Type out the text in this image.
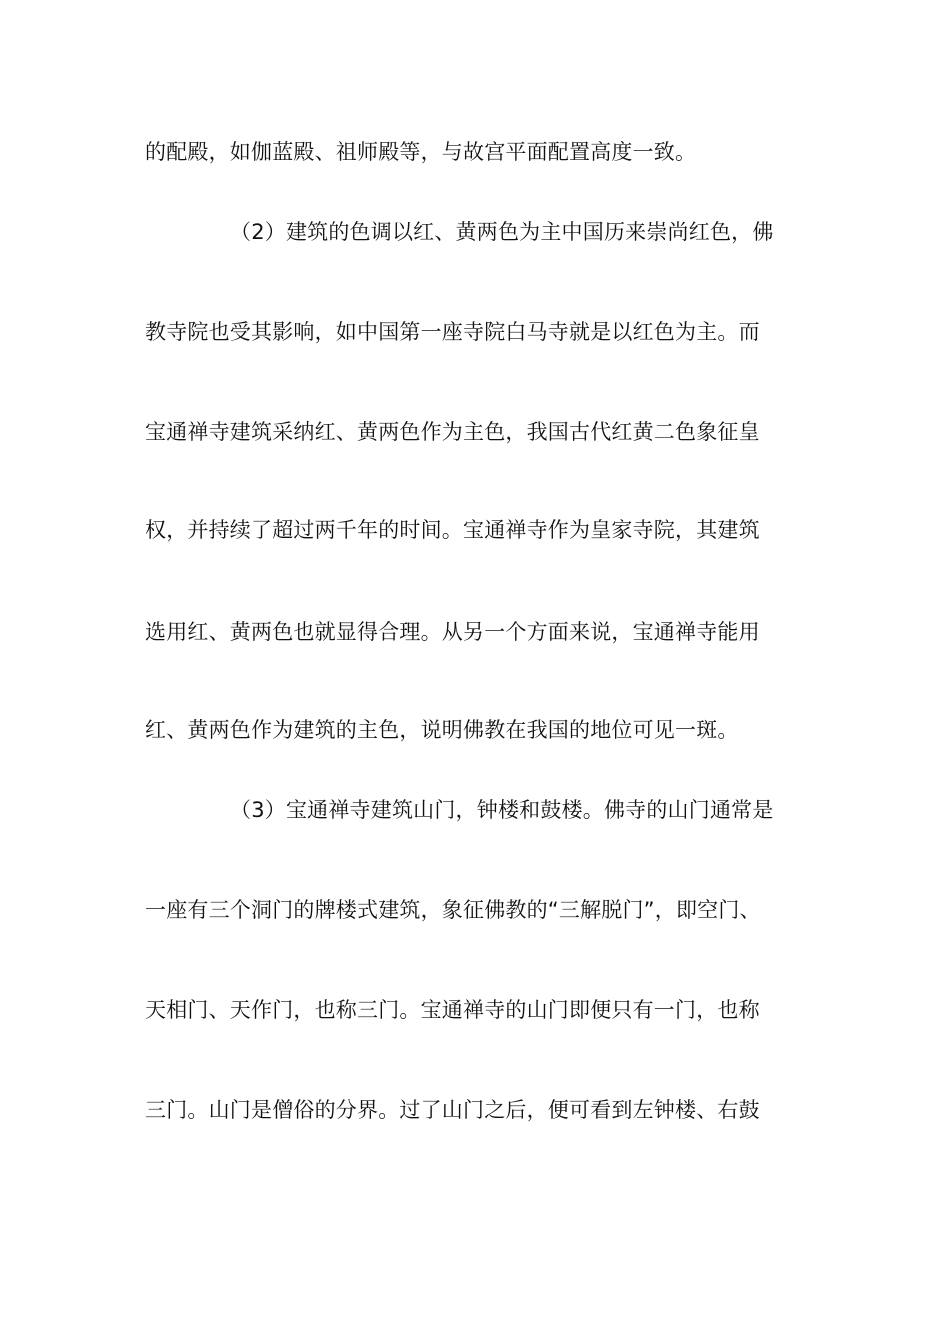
的配殿，如伽蓝殿、祖师殿等，与故宫平面配置高度一致。
（2）建筑的色调以红、黄两色为主中国历来崇尚红色，佛
教寺院也受其影响，如中国第一座寺院白马寺就是以红色为主。而
宝通禅寺建筑采纳红、黄两色作为主色，我国古代红黄二色象征皇
权，并持续了超过两千年的时间。宝通禅寺作为皇家寺院，其建筑
选用红、黄两色也就显得合理。从另一个方面来说，宝通禅寺能用
红、黄两色作为建筑的主色，说明佛教在我国的地位可见一斑。
（3）宝通禅寺建筑山门，钟楼和鼓楼。佛寺的山门通常是
一座有三个洞门的牌楼式建筑，象征佛教的“三解脱门”，即空门、
天相门、天作门，也称三门。宝通禅寺的山门即便只有一门，也称
三门。山门是僧俗的分界。过了山门之后，便可看到左钟楼、右鼓
